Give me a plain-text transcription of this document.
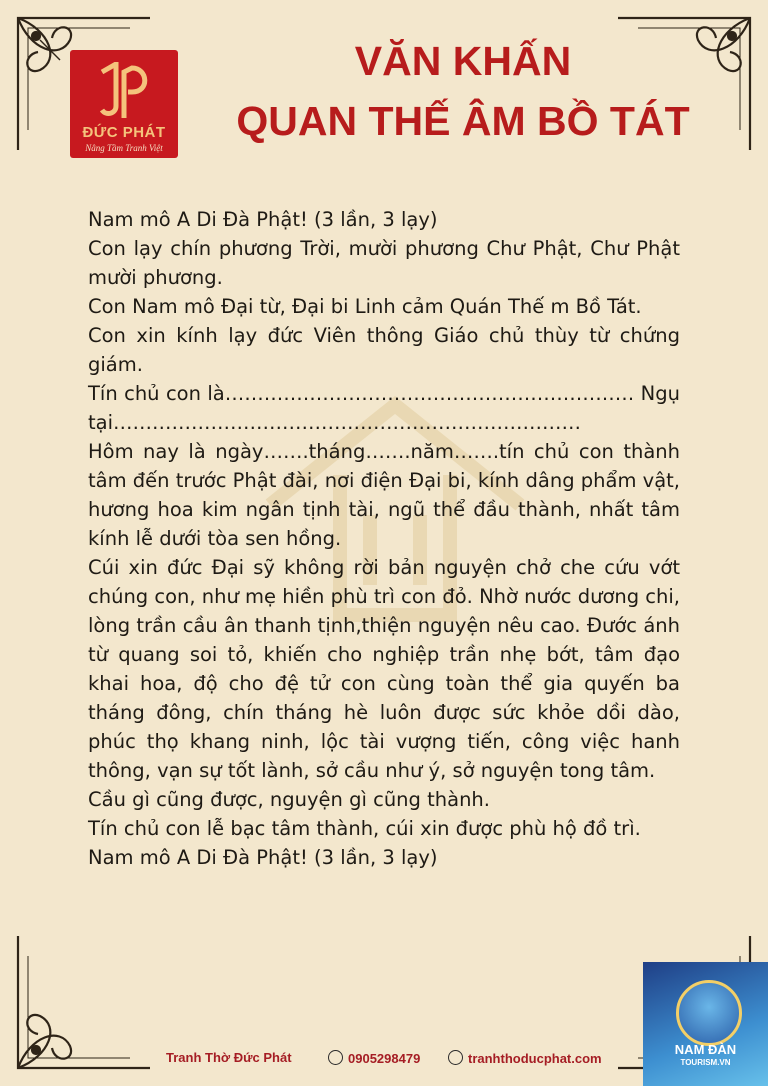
ĐỨC PHÁT
Nâng Tầm Tranh Việt
VĂN KHẤN
QUAN THẾ ÂM BỒ TÁT

Nam mô A Di Đà Phật! (3 lần, 3 lạy)

Con lạy chín phương Trời, mười phương Chư Phật, Chư Phật mười phương.

Con Nam mô Đại từ, Đại bi Linh cảm Quán Thế m Bồ Tát.

Con xin kính lạy đức Viên thông Giáo chủ thùy từ chứng giám.

Tín chủ con là……………………………………………………… Ngụ tại………………………………………………………………

Hôm nay là ngày…….tháng…….năm…….tín chủ con thành tâm đến trước Phật đài, nơi điện Đại bi, kính dâng phẩm vật, hương hoa kim ngân tịnh tài, ngũ thể đầu thành, nhất tâm kính lễ dưới tòa sen hồng.

Cúi xin đức Đại sỹ không rời bản nguyện chở che cứu vớt chúng con, như mẹ hiền phù trì con đỏ. Nhờ nước dương chi, lòng trần cầu ân thanh tịnh,thiện nguyện nêu cao. Đước ánh từ quang soi tỏ, khiến cho nghiệp trần nhẹ bớt, tâm đạo khai hoa, độ cho đệ tử con cùng toàn thể gia quyến ba tháng đông, chín tháng hè luôn được sức khỏe dồi dào, phúc thọ khang ninh, lộc tài vượng tiến, công việc hanh thông, vạn sự tốt lành, sở cầu như ý, sở nguyện tong tâm.

Cầu gì cũng được, nguyện gì cũng thành.

Tín chủ con lễ bạc tâm thành, cúi xin được phù hộ đồ trì.

Nam mô A Di Đà Phật! (3 lần, 3 lạy)

Tranh Thờ Đức Phát	0905298479	tranhthoducphat.com
NAM ĐÀN
TOURISM.VN
